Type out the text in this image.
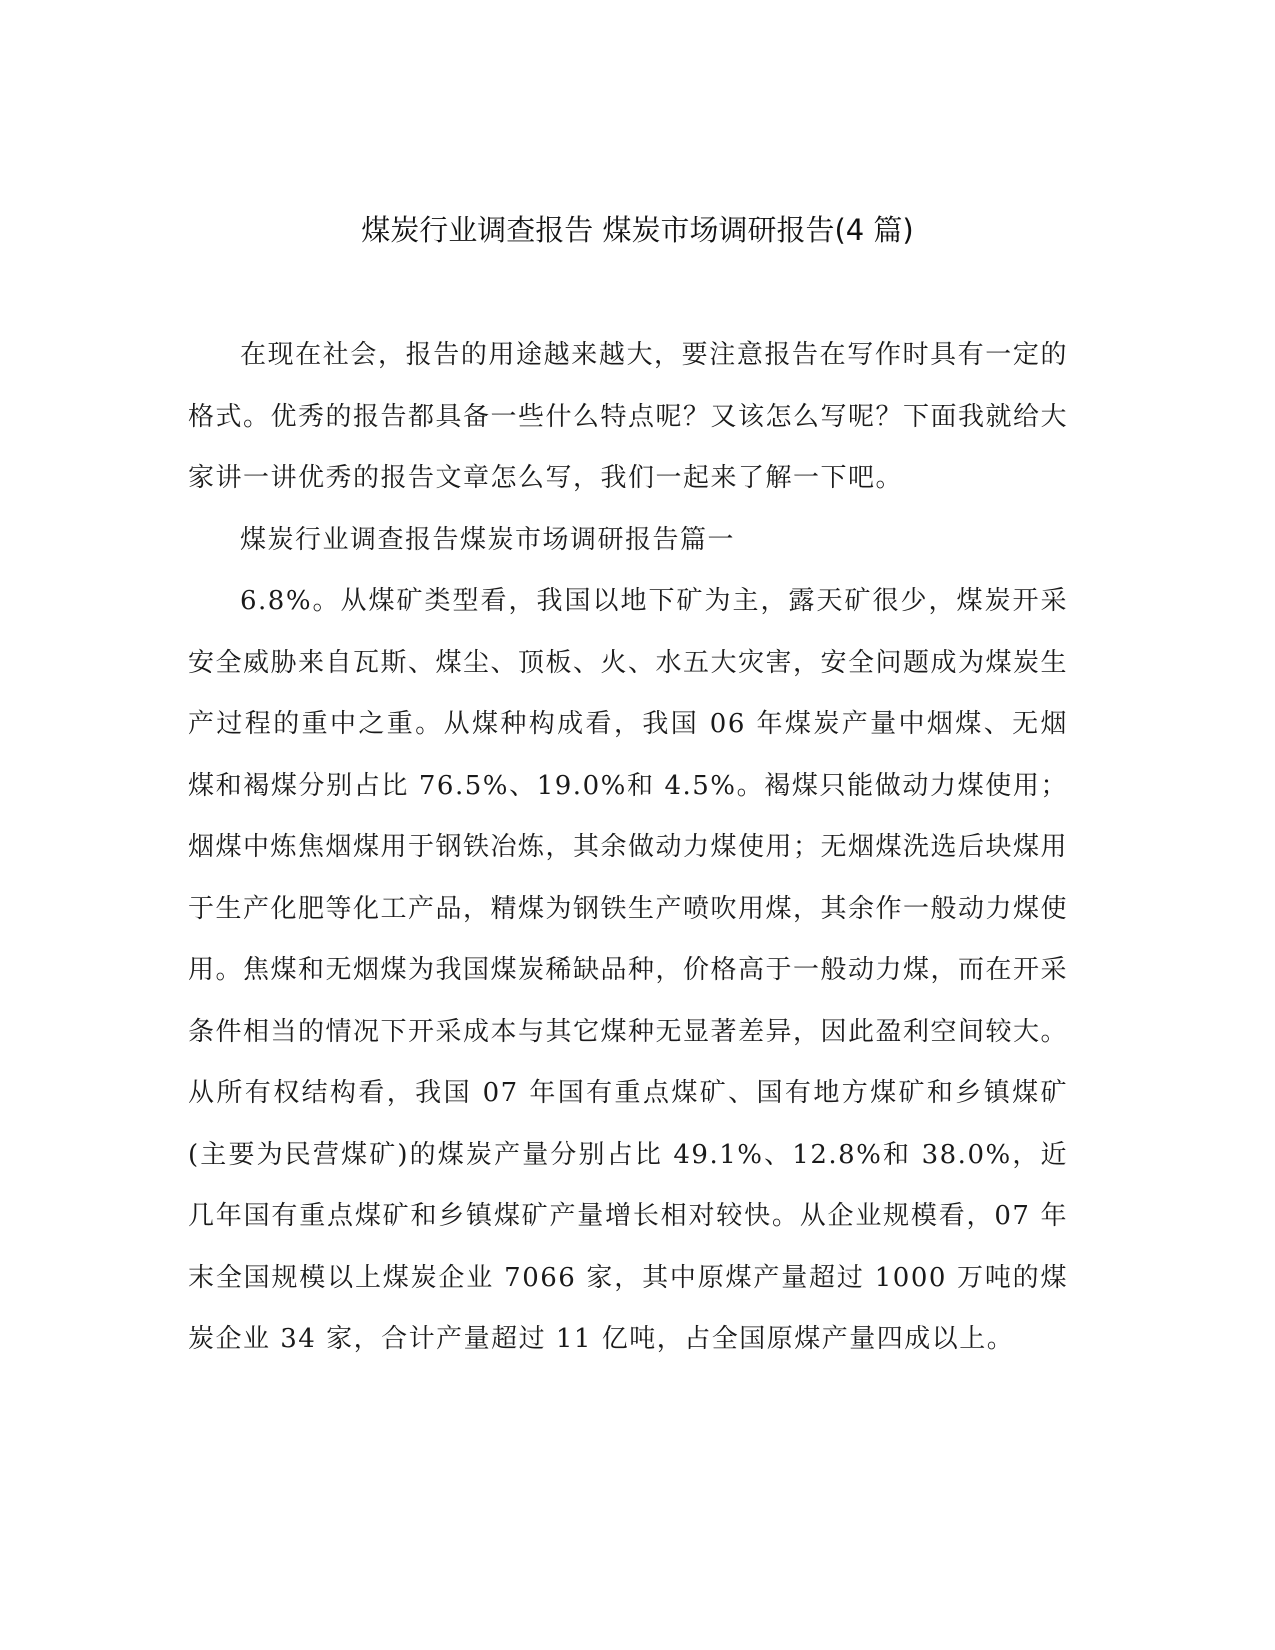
煤炭行业调查报告 煤炭市场调研报告(4 篇)

在现在社会，报告的用途越来越大，要注意报告在写作时具有一定的格式。优秀的报告都具备一些什么特点呢？又该怎么写呢？下面我就给大家讲一讲优秀的报告文章怎么写，我们一起来了解一下吧。

煤炭行业调查报告煤炭市场调研报告篇一

6.8%。从煤矿类型看，我国以地下矿为主，露天矿很少，煤炭开采安全威胁来自瓦斯、煤尘、顶板、火、水五大灾害，安全问题成为煤炭生产过程的重中之重。从煤种构成看，我国 06 年煤炭产量中烟煤、无烟煤和褐煤分别占比 76.5%、19.0%和 4.5%。褐煤只能做动力煤使用；烟煤中炼焦烟煤用于钢铁冶炼，其余做动力煤使用；无烟煤洗选后块煤用于生产化肥等化工产品，精煤为钢铁生产喷吹用煤，其余作一般动力煤使用。焦煤和无烟煤为我国煤炭稀缺品种，价格高于一般动力煤，而在开采条件相当的情况下开采成本与其它煤种无显著差异，因此盈利空间较大。从所有权结构看，我国 07 年国有重点煤矿、国有地方煤矿和乡镇煤矿(主要为民营煤矿)的煤炭产量分别占比 49.1%、12.8%和 38.0%，近几年国有重点煤矿和乡镇煤矿产量增长相对较快。从企业规模看，07 年末全国规模以上煤炭企业 7066 家，其中原煤产量超过 1000 万吨的煤炭企业 34 家，合计产量超过 11 亿吨，占全国原煤产量四成以上。
